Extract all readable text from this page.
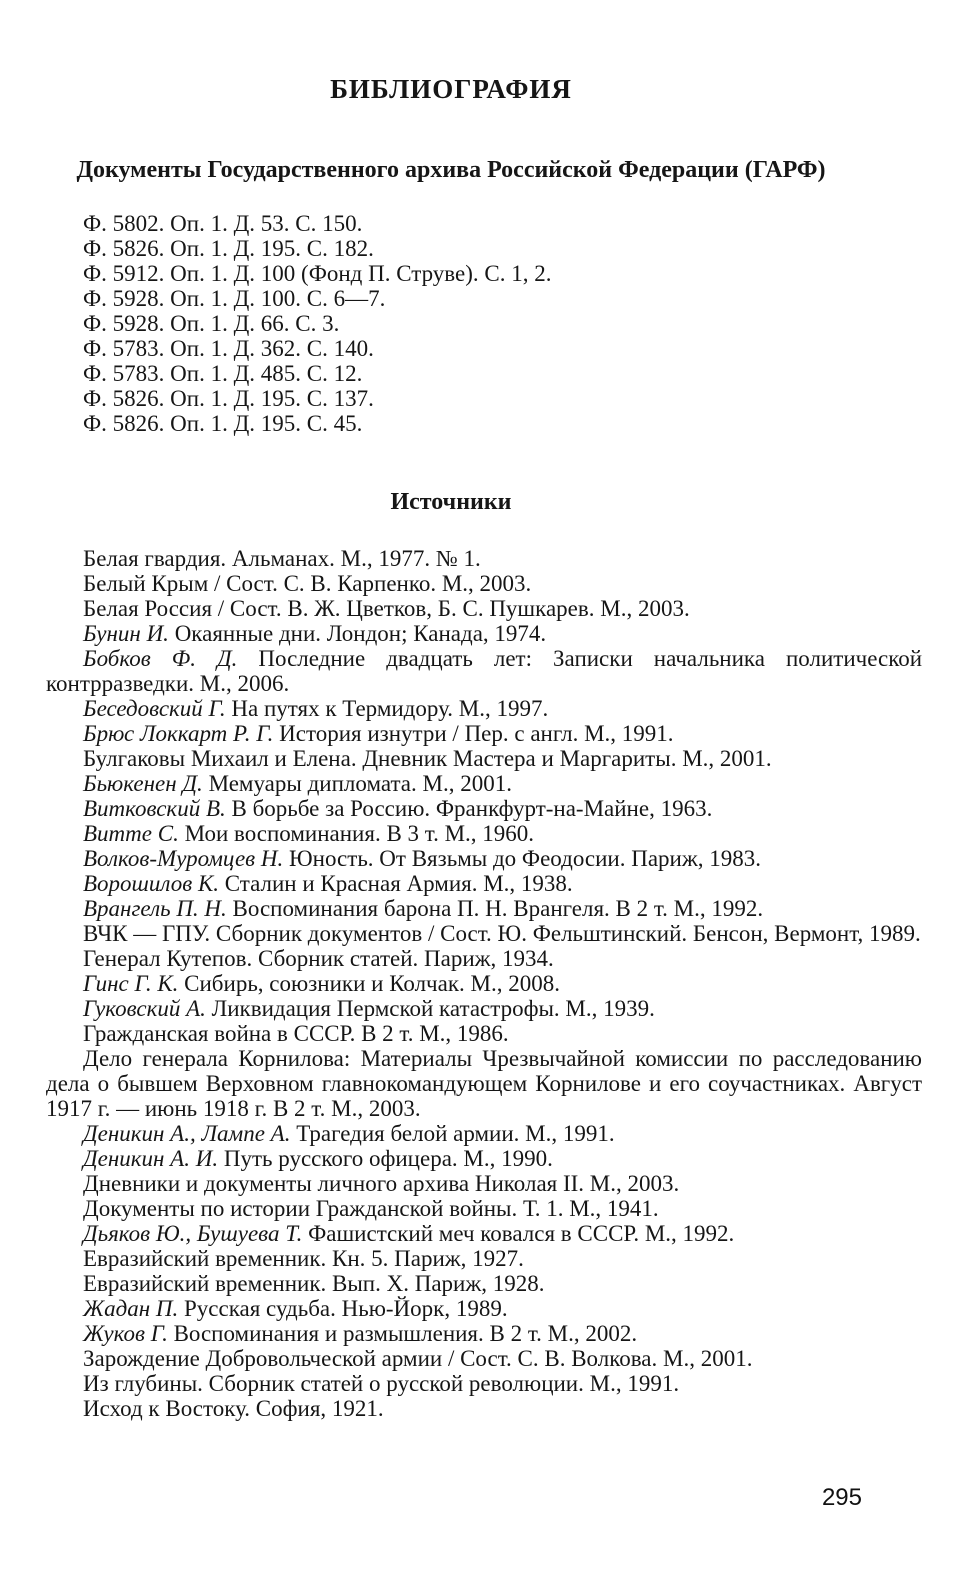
БИБЛИОГРАФИЯ
Документы Государственного архива Российской Федерации (ГАРФ)

Ф. 5802. Оп. 1. Д. 53. С. 150.

Ф. 5826. Оп. 1. Д. 195. С. 182.

Ф. 5912. Оп. 1. Д. 100 (Фонд П. Струве). С. 1, 2.

Ф. 5928. Оп. 1. Д. 100. С. 6—7.

Ф. 5928. Оп. 1. Д. 66. С. 3.

Ф. 5783. Оп. 1. Д. 362. С. 140.

Ф. 5783. Оп. 1. Д. 485. С. 12.

Ф. 5826. Оп. 1. Д. 195. С. 137.

Ф. 5826. Оп. 1. Д. 195. С. 45.

Источники

Белая гвардия. Альманах. М., 1977. № 1.

Белый Крым / Сост. С. В. Карпенко. М., 2003.

Белая Россия / Сост. В. Ж. Цветков, Б. С. Пушкарев. М., 2003.

Бунин И. Окаянные дни. Лондон; Канада, 1974.

Бобков Ф. Д. Последние двадцать лет: Записки начальника политической контрразведки. М., 2006.

Беседовский Г. На путях к Термидору. М., 1997.

Брюс Локкарт Р. Г. История изнутри / Пер. с англ. М., 1991.

Булгаковы Михаил и Елена. Дневник Мастера и Маргариты. М., 2001.

Бьюкенен Д. Мемуары дипломата. М., 2001.

Витковский В. В борьбе за Россию. Франкфурт-на-Майне, 1963.

Витте С. Мои воспоминания. В 3 т. М., 1960.

Волков-Муромцев Н. Юность. От Вязьмы до Феодосии. Париж, 1983.

Ворошилов К. Сталин и Красная Армия. М., 1938.

Врангель П. Н. Воспоминания барона П. Н. Врангеля. В 2 т. М., 1992.

ВЧК — ГПУ. Сборник документов / Сост. Ю. Фельштинский. Бенсон, Вермонт, 1989.

Генерал Кутепов. Сборник статей. Париж, 1934.

Гинс Г. К. Сибирь, союзники и Колчак. М., 2008.

Гуковский А. Ликвидация Пермской катастрофы. М., 1939.

Гражданская война в СССР. В 2 т. М., 1986.

Дело генерала Корнилова: Материалы Чрезвычайной комиссии по расследованию дела о бывшем Верховном главнокомандующем Корнилове и его соучастниках. Август 1917 г. — июнь 1918 г. В 2 т. М., 2003.

Деникин А., Лампе А. Трагедия белой армии. М., 1991.

Деникин А. И. Путь русского офицера. М., 1990.

Дневники и документы личного архива Николая II. М., 2003.

Документы по истории Гражданской войны. Т. 1. М., 1941.

Дьяков Ю., Бушуева Т. Фашистский меч ковался в СССР. М., 1992.

Евразийский временник. Кн. 5. Париж, 1927.

Евразийский временник. Вып. X. Париж, 1928.

Жадан П. Русская судьба. Нью-Йорк, 1989.

Жуков Г. Воспоминания и размышления. В 2 т. М., 2002.

Зарождение Добровольческой армии / Сост. С. В. Волкова. М., 2001.

Из глубины. Сборник статей о русской революции. М., 1991.

Исход к Востоку. София, 1921.

295
